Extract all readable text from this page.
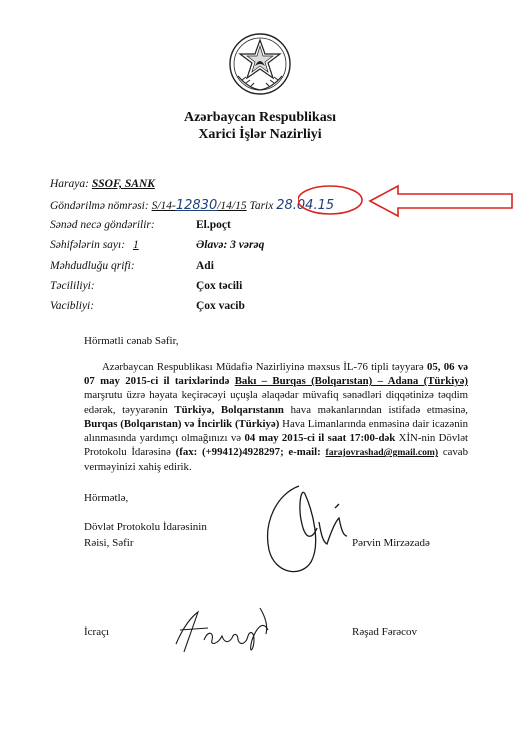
Azərbaycan Respublikası
Xarici İşlər Nazirliyi
Haraya: SSOF, SANK
Göndərilmə nömrəsi: S/14-12830/14/15 Tarix 28.04.15
Sənəd necə göndərilir:	El.poçt
Səhifələrin sayı: 1	Əlavə: 3 vərəq
Məhdudluğu qrifi:	Adi
Təcililiyi:	Çox təcili
Vacibliyi:	Çox vacib
Hörmətli cənab Səfir,

Azərbaycan Respublikası Müdafiə Nazirliyinə məxsus İL-76 tipli təyyarə 05, 06 və 07 may 2015-ci il tarixlərində Bakı – Burqas (Bolqarıstan) – Adana (Türkiyə) marşrutu üzrə həyata keçirəcəyi uçuşla əlaqədar müvafiq sənədləri diqqətinizə təqdim edərək, təyyarənin Türkiyə, Bolqarıstanın hava məkanlarından istifadə etməsinə, Burqas (Bolqarıstan) və İncirlik (Türkiyə) Hava Limanlarında enməsinə dair icazənin alınmasında yardımçı olmağınızı və 04 may 2015-ci il saat 17:00-dək XİN-nin Dövlət Protokolu İdarəsinə (fax: (+99412)4928297; e-mail: farajovrashad@gmail.com) cavab verməyinizi xahiş edirik.

Hörmətlə,
Dövlət Protokolu İdarəsinin
Rəisi, Səfir	Pərvin Mirzəzadə
İcraçı	Rəşad Fərəcov
